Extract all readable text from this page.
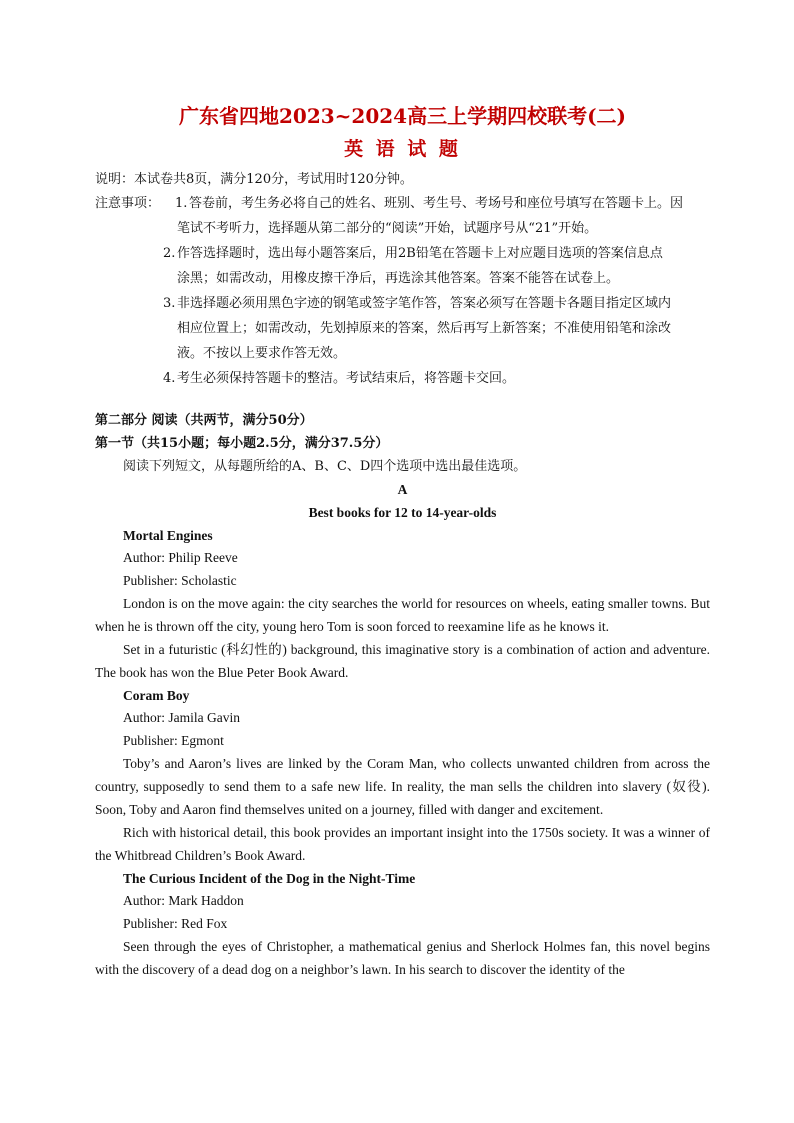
广东省四地2023~2024高三上学期四校联考(二)
英 语 试 题
说明：本试卷共8页，满分120分，考试用时120分钟。
注意事项：	1. 答卷前，考生务必将自己的姓名、班别、考生号、考场号和座位号填写在答题卡上。因
笔试不考听力，选择题从第二部分的“阅读”开始，试题序号从“21”开始。
2. 作答选择题时，选出每小题答案后，用2B铅笔在答题卡上对应题目选项的答案信息点
涂黑；如需改动，用橡皮擦干净后，再选涂其他答案。答案不能答在试卷上。
3. 非选择题必须用黑色字迹的钢笔或签字笔作答，答案必须写在答题卡各题目指定区域内
相应位置上；如需改动，先划掉原来的答案，然后再写上新答案；不准使用铅笔和涂改
液。不按以上要求作答无效。
4. 考生必须保持答题卡的整洁。考试结束后，将答题卡交回。
第二部分 阅读（共两节，满分50分）
第一节（共15小题；每小题2.5分，满分37.5分）
阅读下列短文，从每题所给的A、B、C、D四个选项中选出最佳选项。
A
Best books for 12 to 14-year-olds
Mortal Engines
Author: Philip Reeve
Publisher: Scholastic
London is on the move again: the city searches the world for resources on wheels, eating smaller towns. But when he is thrown off the city, young hero Tom is soon forced to reexamine life as he knows it.
Set in a futuristic (科幻性的) background, this imaginative story is a combination of action and adventure. The book has won the Blue Peter Book Award.
Coram Boy
Author: Jamila Gavin
Publisher: Egmont
Toby’s and Aaron’s lives are linked by the Coram Man, who collects unwanted children from across the country, supposedly to send them to a safe new life. In reality, the man sells the children into slavery (奴役). Soon, Toby and Aaron find themselves united on a journey, filled with danger and excitement.
Rich with historical detail, this book provides an important insight into the 1750s society. It was a winner of the Whitbread Children’s Book Award.
The Curious Incident of the Dog in the Night-Time
Author: Mark Haddon
Publisher: Red Fox
Seen through the eyes of Christopher, a mathematical genius and Sherlock Holmes fan, this novel begins with the discovery of a dead dog on a neighbor’s lawn. In his search to discover the identity of the
